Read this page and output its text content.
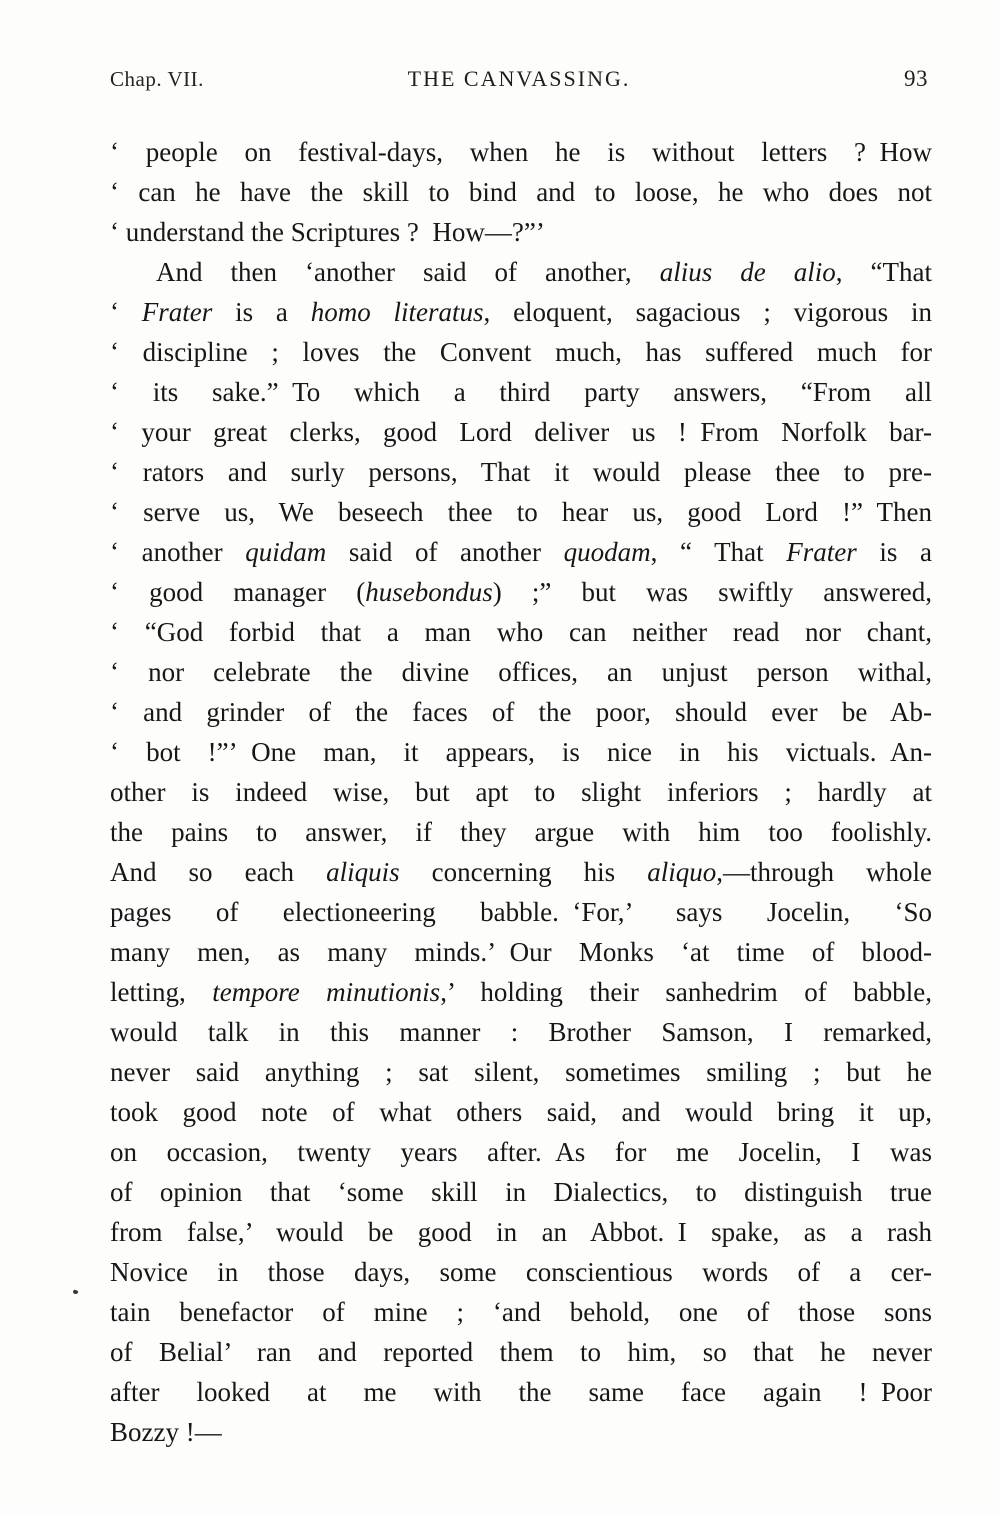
Chap. VII.	THE CANVASSING.	93
‘ people on festival-days, when he is without letters ? How
‘ can he have the skill to bind and to loose, he who does not
‘ understand the Scriptures ? How—?”’
And then ‘another said of another, alius de alio, “That
‘ Frater is a homo literatus, eloquent, sagacious ; vigorous in
‘ discipline ; loves the Convent much, has suffered much for
‘ its sake.” To which a third party answers, “From all
‘ your great clerks, good Lord deliver us ! From Norfolk bar-
‘ rators and surly persons, That it would please thee to pre-
‘ serve us, We beseech thee to hear us, good Lord !” Then
‘ another quidam said of another quodam, “ That Frater is a
‘ good manager (husebondus) ;” but was swiftly answered,
‘ “God forbid that a man who can neither read nor chant,
‘ nor celebrate the divine offices, an unjust person withal,
‘ and grinder of the faces of the poor, should ever be Ab-
‘ bot !”’ One man, it appears, is nice in his victuals. An-
other is indeed wise, but apt to slight inferiors ; hardly at
the pains to answer, if they argue with him too foolishly.
And so each aliquis concerning his aliquo,—through whole
pages of electioneering babble. ‘For,’ says Jocelin, ‘So
many men, as many minds.’ Our Monks ‘at time of blood-
letting, tempore minutionis,’ holding their sanhedrim of babble,
would talk in this manner : Brother Samson, I remarked,
never said anything ; sat silent, sometimes smiling ; but he
took good note of what others said, and would bring it up,
on occasion, twenty years after. As for me Jocelin, I was
of opinion that ‘some skill in Dialectics, to distinguish true
from false,’ would be good in an Abbot. I spake, as a rash
Novice in those days, some conscientious words of a cer-
tain benefactor of mine ; ‘and behold, one of those sons
of Belial’ ran and reported them to him, so that he never
after looked at me with the same face again ! Poor
Bozzy !—
